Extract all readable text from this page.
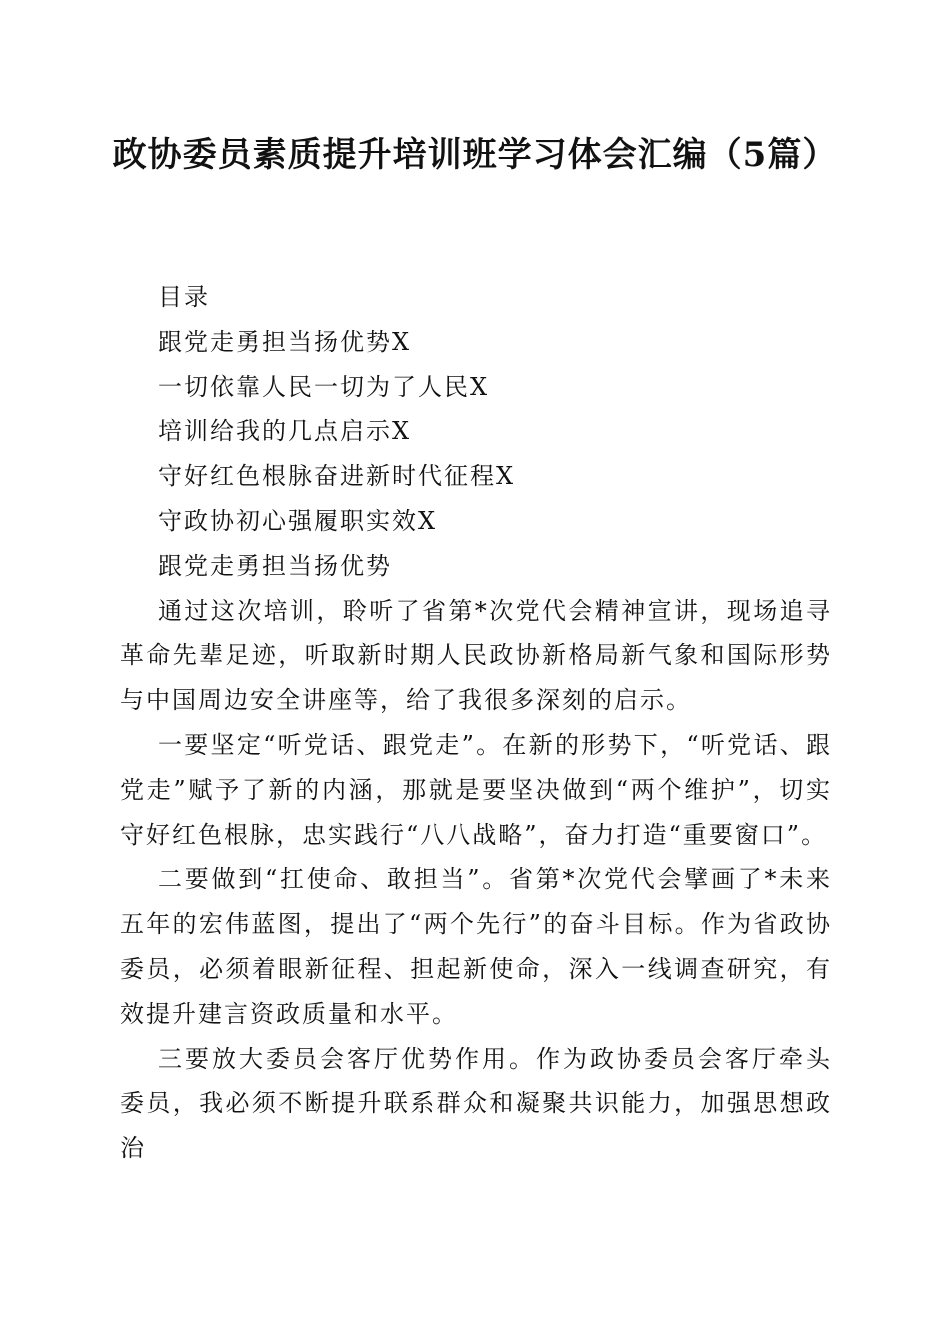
政协委员素质提升培训班学习体会汇编（5篇）

目录

跟党走勇担当扬优势X

一切依靠人民一切为了人民X

培训给我的几点启示X

守好红色根脉奋进新时代征程X

守政协初心强履职实效X

跟党走勇担当扬优势

通过这次培训，聆听了省第*次党代会精神宣讲，现场追寻革命先辈足迹，听取新时期人民政协新格局新气象和国际形势与中国周边安全讲座等，给了我很多深刻的启示。

一要坚定“听党话、跟党走”。在新的形势下，“听党话、跟党走”赋予了新的内涵，那就是要坚决做到“两个维护”，切实守好红色根脉，忠实践行“八八战略”，奋力打造“重要窗口”。

二要做到“扛使命、敢担当”。省第*次党代会擘画了*未来五年的宏伟蓝图，提出了“两个先行”的奋斗目标。作为省政协委员，必须着眼新征程、担起新使命，深入一线调查研究，有效提升建言资政质量和水平。

三要放大委员会客厅优势作用。作为政协委员会客厅牵头委员，我必须不断提升联系群众和凝聚共识能力，加强思想政治
